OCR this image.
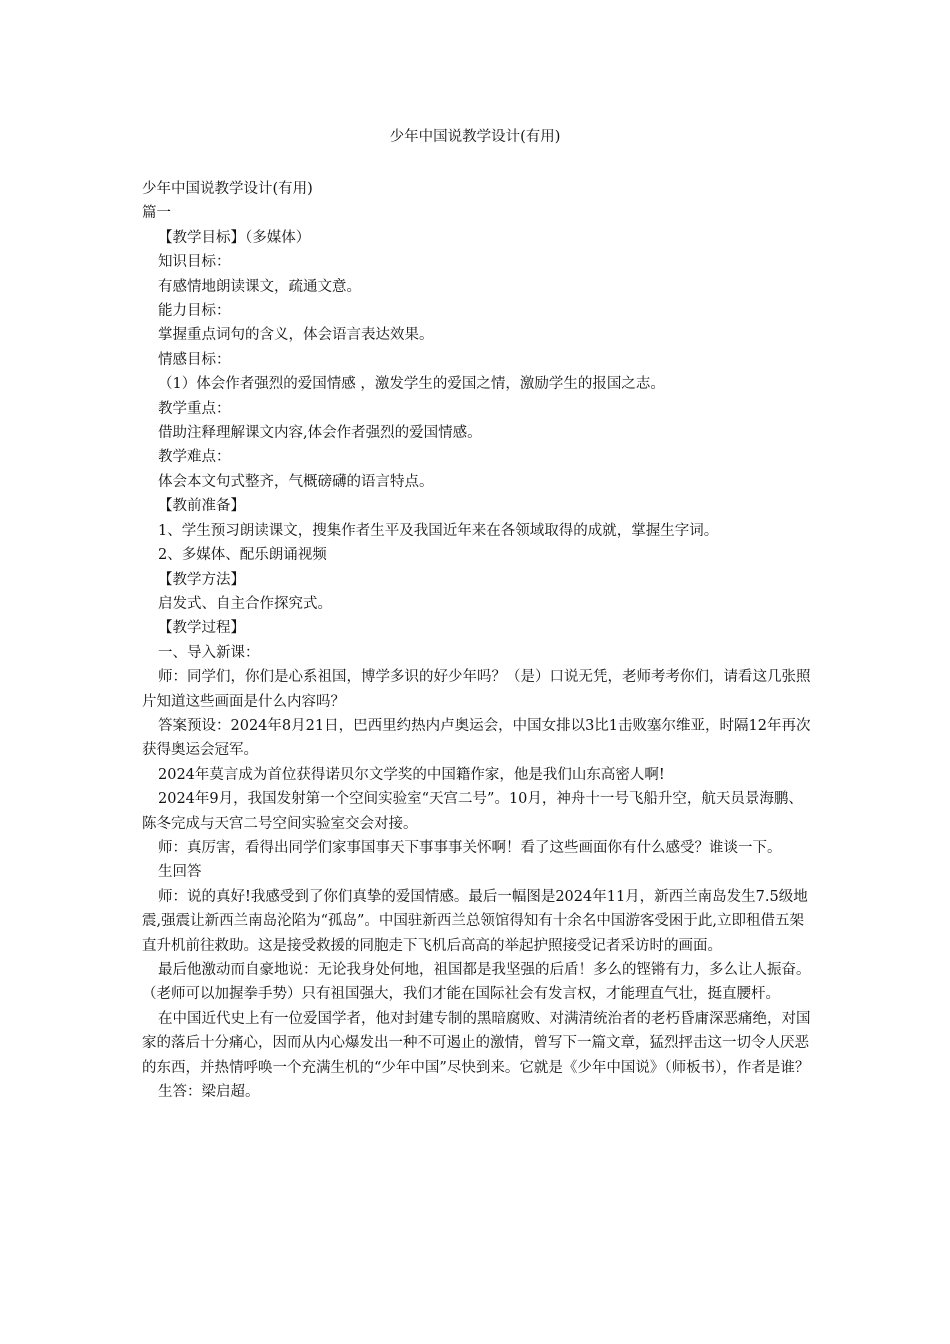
少年中国说教学设计(有用)

少年中国说教学设计(有用)

篇一

【教学目标】（多媒体）

知识目标：

有感情地朗读课文，疏通文意。

能力目标：

掌握重点词句的含义，体会语言表达效果。

情感目标：

（1）体会作者强烈的爱国情感 ，激发学生的爱国之情，激励学生的报国之志。

教学重点：

借助注释理解课文内容,体会作者强烈的爱国情感。

教学难点：

体会本文句式整齐，气概磅礴的语言特点。

【教前准备】

1、学生预习朗读课文，搜集作者生平及我国近年来在各领域取得的成就，掌握生字词。

2、多媒体、配乐朗诵视频

【教学方法】

启发式、自主合作探究式。

【教学过程】

一、导入新课：

师：同学们，你们是心系祖国，博学多识的好少年吗？（是）口说无凭，老师考考你们，请看这几张照片知道这些画面是什么内容吗？

答案预设：2024年8月21日，巴西里约热内卢奥运会，中国女排以3比1击败塞尔维亚，时隔12年再次获得奥运会冠军。

2024年莫言成为首位获得诺贝尔文学奖的中国籍作家，他是我们山东高密人啊!

2024年9月，我国发射第一个空间实验室“天宫二号”。10月，神舟十一号飞船升空，航天员景海鹏、陈冬完成与天宫二号空间实验室交会对接。

师：真厉害，看得出同学们家事国事天下事事事关怀啊！看了这些画面你有什么感受？谁谈一下。

生回答

师：说的真好!我感受到了你们真挚的爱国情感。最后一幅图是2024年11月，新西兰南岛发生7.5级地震,强震让新西兰南岛沦陷为“孤岛”。中国驻新西兰总领馆得知有十余名中国游客受困于此,立即租借五架直升机前往救助。这是接受救援的同胞走下飞机后高高的举起护照接受记者采访时的画面。

最后他激动而自豪地说：无论我身处何地，祖国都是我坚强的后盾！多么的铿锵有力，多么让人振奋。（老师可以加握拳手势）只有祖国强大，我们才能在国际社会有发言权，才能理直气壮，挺直腰杆。

在中国近代史上有一位爱国学者，他对封建专制的黑暗腐败、对满清统治者的老朽昏庸深恶痛绝，对国家的落后十分痛心，因而从内心爆发出一种不可遏止的激情，曾写下一篇文章，猛烈抨击这一切令人厌恶的东西，并热情呼唤一个充满生机的“少年中国”尽快到来。它就是《少年中国说》（师板书），作者是谁？

生答：梁启超。
